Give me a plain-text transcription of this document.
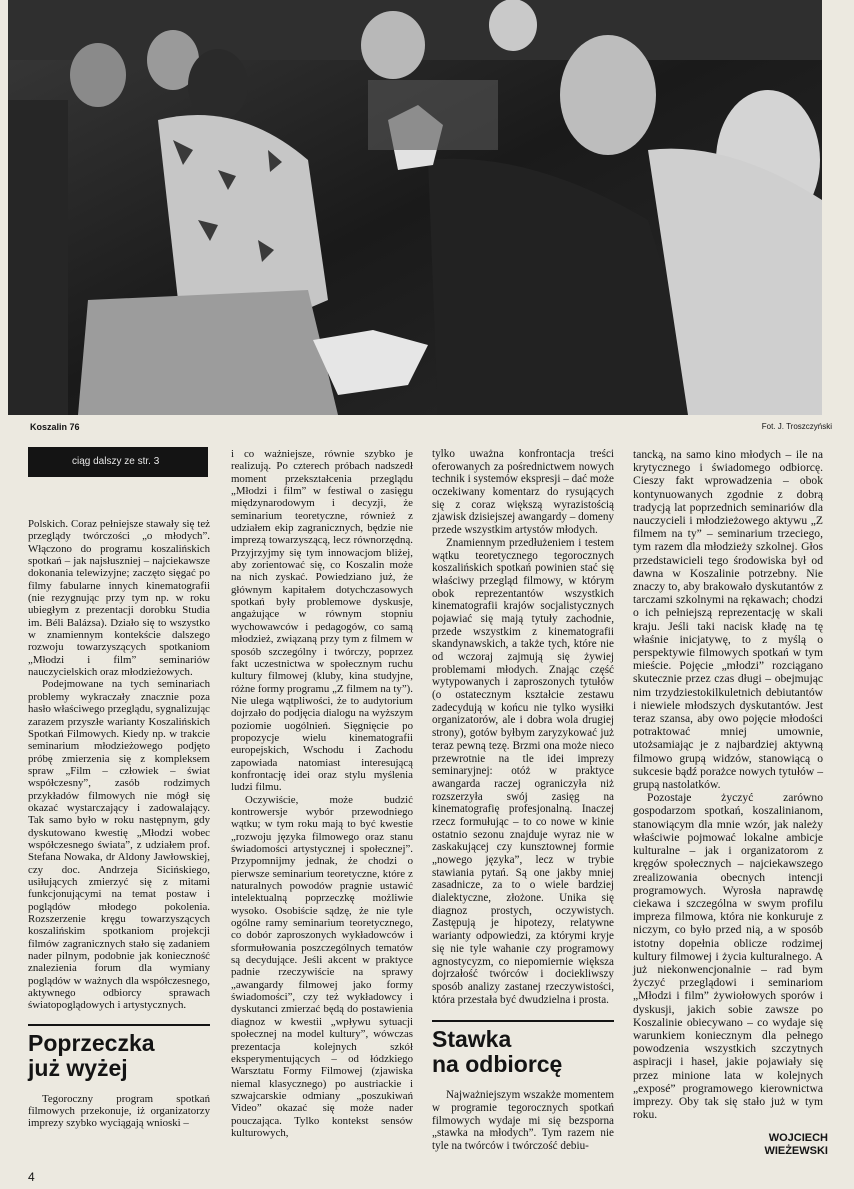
Koszalin 76	Fot. J. Troszczyński
ciąg dalszy ze str. 3

Polskich. Coraz pełniejsze stawały się też przeglądy twórczości „o młodych”. Włączono do programu koszalińskich spotkań – jak najsłuszniej – najciekawsze dokonania telewizyjne; zaczęto sięgać po filmy fabularne innych kinematografii (nie rezygnując przy tym np. w roku ubiegłym z prezentacji dorobku Studia im. Béli Balázsa). Działo się to wszystko w znamiennym kontekście dalszego rozwoju towarzyszących spotkaniom „Młodzi i film” seminariów nauczycielskich oraz młodzieżowych.

Podejmowane na tych seminariach problemy wykraczały znacznie poza hasło właściwego przeglądu, sygnalizując zarazem przyszłe warianty Koszalińskich Spotkań Filmowych. Kiedy np. w trakcie seminarium młodzieżowego podjęto próbę zmierzenia się z kompleksem spraw „Film – człowiek – świat współczesny”, zasób rodzimych przykładów filmowych nie mógł się okazać wystarczający i zadowalający. Tak samo było w roku następnym, gdy dyskutowano kwestię „Młodzi wobec współczesnego świata”, z udziałem prof. Stefana Nowaka, dr Aldony Jawłowskiej, czy doc. Andrzeja Sicińskiego, usiłujących zmierzyć się z mitami funkcjonującymi na temat postaw i poglądów młodego pokolenia. Rozszerzenie kręgu towarzyszących koszalińskim spotkaniom projekcji filmów zagranicznych stało się zadaniem nader pilnym, podobnie jak konieczność znalezienia forum dla wymiany poglądów w ważnych dla współczesnego, aktywnego odbiorcy sprawach światopoglądowych i artystycznych.

Poprzeczka
już wyżej

Tegoroczny program spotkań filmowych przekonuje, iż organizatorzy imprezy szybko wyciągają wnioski –

i co ważniejsze, równie szybko je realizują. Po czterech próbach nadszedł moment przekształcenia przeglądu „Młodzi i film” w festiwal o zasięgu międzynarodowym i decyzji, że seminarium teoretyczne, również z udziałem ekip zagranicznych, będzie nie imprezą towarzyszącą, lecz równorzędną. Przyjrzyjmy się tym innowacjom bliżej, aby zorientować się, co Koszalin może na nich zyskać. Powiedziano już, że głównym kapitałem dotychczasowych spotkań były problemowe dyskusje, angażujące w równym stopniu wychowawców i pedagogów, co samą młodzież, związaną przy tym z filmem w sposób szczególny i twórczy, poprzez fakt uczestnictwa w społecznym ruchu kultury filmowej (kluby, kina studyjne, różne formy programu „Z filmem na ty”). Nie ulega wątpliwości, że to audytorium dojrzało do podjęcia dialogu na wyższym poziomie uogólnień. Sięgnięcie po propozycje wielu kinematografii europejskich, Wschodu i Zachodu zapowiada natomiast interesującą konfrontację idei oraz stylu myślenia ludzi filmu.

Oczywiście, może budzić kontrowersje wybór przewodniego wątku; w tym roku mają to być kwestie „rozwoju języka filmowego oraz stanu świadomości artystycznej i społecznej”. Przypomnijmy jednak, że chodzi o pierwsze seminarium teoretyczne, które z naturalnych powodów pragnie ustawić intelektualną poprzeczkę możliwie wysoko. Osobiście sądzę, że nie tyle ogólne ramy seminarium teoretycznego, co dobór zaproszonych wykładowców i sformułowania poszczególnych tematów są decydujące. Jeśli akcent w praktyce padnie rzeczywiście na sprawy „awangardy filmowej jako formy świadomości”, czy też wykładowcy i dyskutanci zmierzać będą do postawienia diagnoz w kwestii „wpływu sytuacji społecznej na model kultury”, wówczas prezentacja kolejnych szkół eksperymentujących – od łódzkiego Warsztatu Formy Filmowej (zjawiska niemal klasycznego) po austriackie i szwajcarskie odmiany „poszukiwań Video” okazać się może nader pouczająca. Tylko kontekst sensów kulturowych,

tylko uważna konfrontacja treści oferowanych za pośrednictwem nowych technik i systemów ekspresji – dać może oczekiwany komentarz do rysujących się z coraz większą wyrazistością zjawisk dzisiejszej awangardy – domeny przede wszystkim artystów młodych.

Znamiennym przedłużeniem i testem wątku teoretycznego tegorocznych koszalińskich spotkań powinien stać się właściwy przegląd filmowy, w którym obok reprezentantów wszystkich kinematografii krajów socjalistycznych pojawiać się mają tytuły zachodnie, przede wszystkim z kinematografii skandynawskich, a także tych, które nie od wczoraj zajmują się żywiej problemami młodych. Znając część wytypowanych i zaproszonych tytułów (o ostatecznym kształcie zestawu zadecydują w końcu nie tylko wysiłki organizatorów, ale i dobra wola drugiej strony), gotów byłbym zaryzykować już teraz pewną tezę. Brzmi ona może nieco przewrotnie na tle idei imprezy seminaryjnej: otóż w praktyce awangarda raczej ograniczyła niż rozszerzyła swój zasięg na kinematografię profesjonalną. Inaczej rzecz formułując – to co nowe w kinie ostatnio sezonu znajduje wyraz nie w zaskakującej czy kunsztownej formie „nowego języka”, lecz w trybie stawiania pytań. Są one jakby mniej zasadnicze, za to o wiele bardziej dialektyczne, złożone. Unika się diagnoz prostych, oczywistych. Zastępują je hipotezy, relatywne warianty odpowiedzi, za którymi kryje się nie tyle wahanie czy programowy agnostycyzm, co niepomiernie większa dojrzałość twórców i dociekliwszy sposób analizy zastanej rzeczywistości, która przestała być dwudzielna i prosta.

Stawka
na odbiorcę

Najważniejszym wszakże momentem w programie tegorocznych spotkań filmowych wydaje mi się bezsporna „stawka na młodych”. Tym razem nie tyle na twórców i twórczość debiu-

tancką, na samo kino młodych – ile na krytycznego i świadomego odbiorcę. Cieszy fakt wprowadzenia – obok kontynuowanych zgodnie z dobrą tradycją lat poprzednich seminariów dla nauczycieli i młodzieżowego aktywu „Z filmem na ty” – seminarium trzeciego, tym razem dla młodzieży szkolnej. Głos przedstawicieli tego środowiska był od dawna w Koszalinie potrzebny. Nie znaczy to, aby brakowało dyskutantów z tarczami szkolnymi na rękawach; chodzi o ich pełniejszą reprezentację w skali kraju. Jeśli taki nacisk kładę na tę właśnie inicjatywę, to z myślą o perspektywie filmowych spotkań w tym mieście. Pojęcie „młodzi” rozciągano skutecznie przez czas długi – obejmując nim trzydziestokilkuletnich debiutantów i niewiele młodszych dyskutantów. Jest teraz szansa, aby owo pojęcie młodości potraktować mniej umownie, utożsamiając je z najbardziej aktywną filmowo grupą widzów, stanowiącą o sukcesie bądź porażce nowych tytułów – grupą nastolatków.

Pozostaje życzyć zarówno gospodarzom spotkań, koszalinianom, stanowiącym dla mnie wzór, jak należy właściwie pojmować lokalne ambicje kulturalne – jak i organizatorom z kręgów społecznych – najciekawszego zrealizowania obecnych intencji programowych. Wyrosła naprawdę ciekawa i szczególna w swym profilu impreza filmowa, która nie konkuruje z niczym, co było przed nią, a w sposób istotny dopełnia oblicze rodzimej kultury filmowej i życia kulturalnego. A już niekonwencjonalnie – rad bym życzyć przeglądowi i seminariom „Młodzi i film” żywiołowych sporów i dyskusji, jakich sobie zawsze po Koszalinie obiecywano – co wydaje się warunkiem koniecznym dla pełnego powodzenia wszystkich szczytnych aspiracji i haseł, jakie pojawiały się przez minione lata w kolejnych „exposé” programowego kierownictwa imprezy. Oby tak się stało już w tym roku.

WOJCIECH
WIEŻEWSKI
4
